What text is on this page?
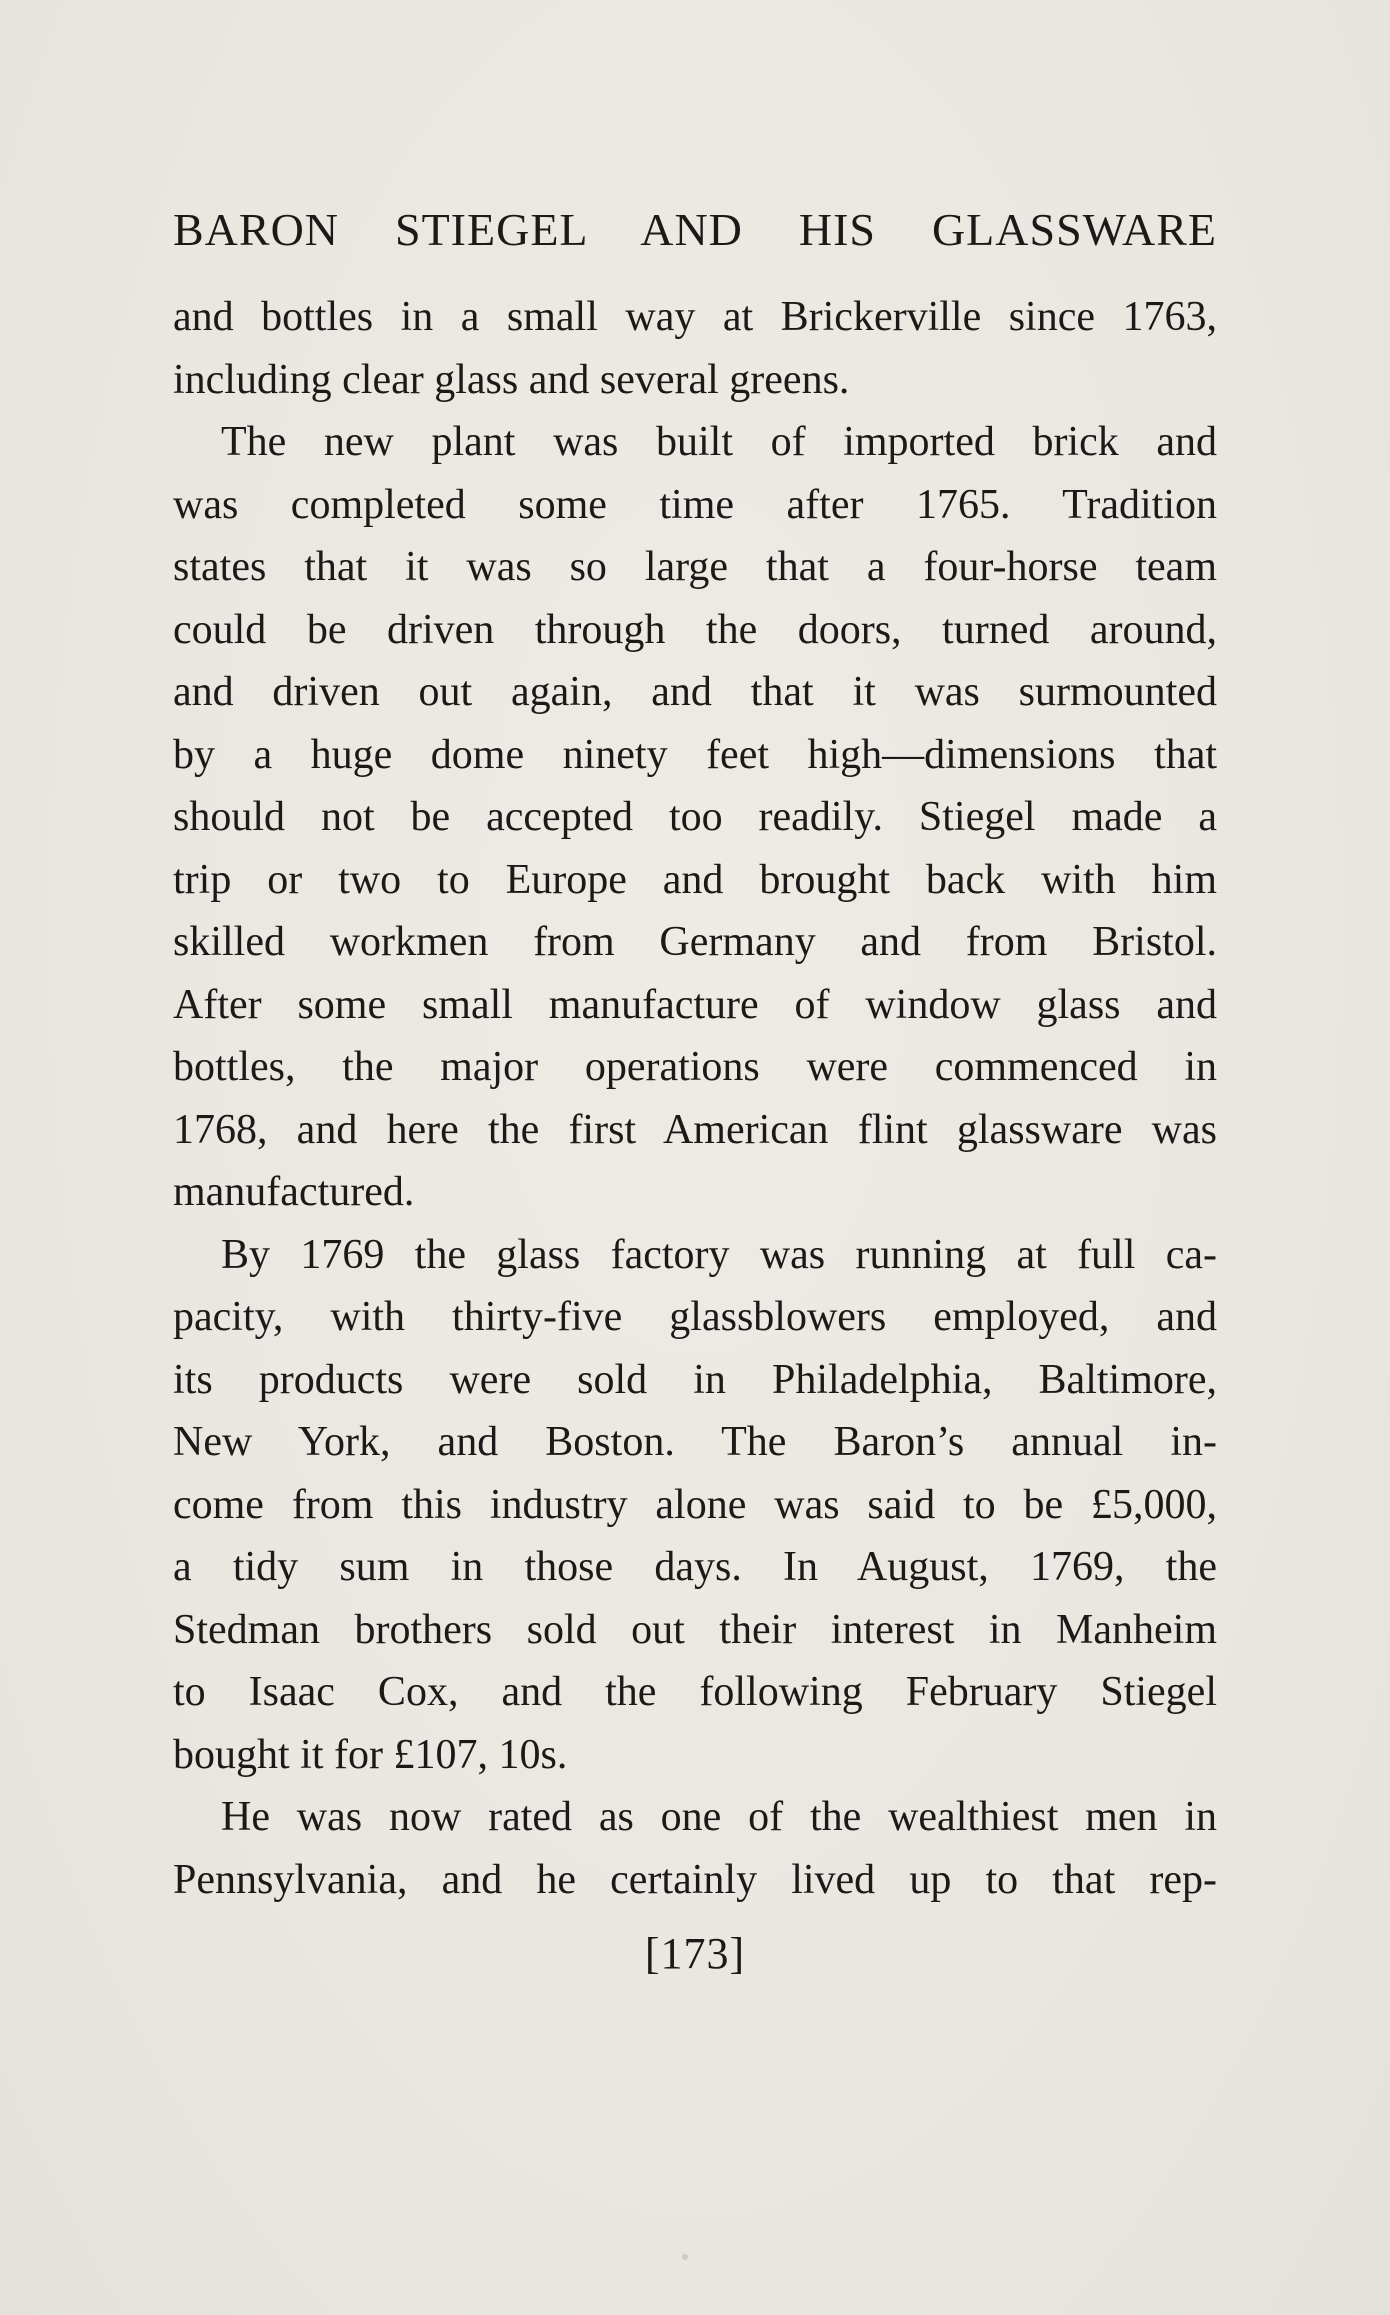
BARON STIEGEL AND HIS GLASSWARE
and bottles in a small way at Brickerville since 1763,
including clear glass and several greens.
The new plant was built of imported brick and
was completed some time after 1765. Tradition
states that it was so large that a four-horse team
could be driven through the doors, turned around,
and driven out again, and that it was surmounted
by a huge dome ninety feet high—dimensions that
should not be accepted too readily. Stiegel made a
trip or two to Europe and brought back with him
skilled workmen from Germany and from Bristol.
After some small manufacture of window glass and
bottles, the major operations were commenced in
1768, and here the first American flint glassware was
manufactured.
By 1769 the glass factory was running at full ca-
pacity, with thirty-five glassblowers employed, and
its products were sold in Philadelphia, Baltimore,
New York, and Boston. The Baron’s annual in-
come from this industry alone was said to be £5,000,
a tidy sum in those days. In August, 1769, the
Stedman brothers sold out their interest in Manheim
to Isaac Cox, and the following February Stiegel
bought it for £107, 10s.
He was now rated as one of the wealthiest men in
Pennsylvania, and he certainly lived up to that rep-
[173]
